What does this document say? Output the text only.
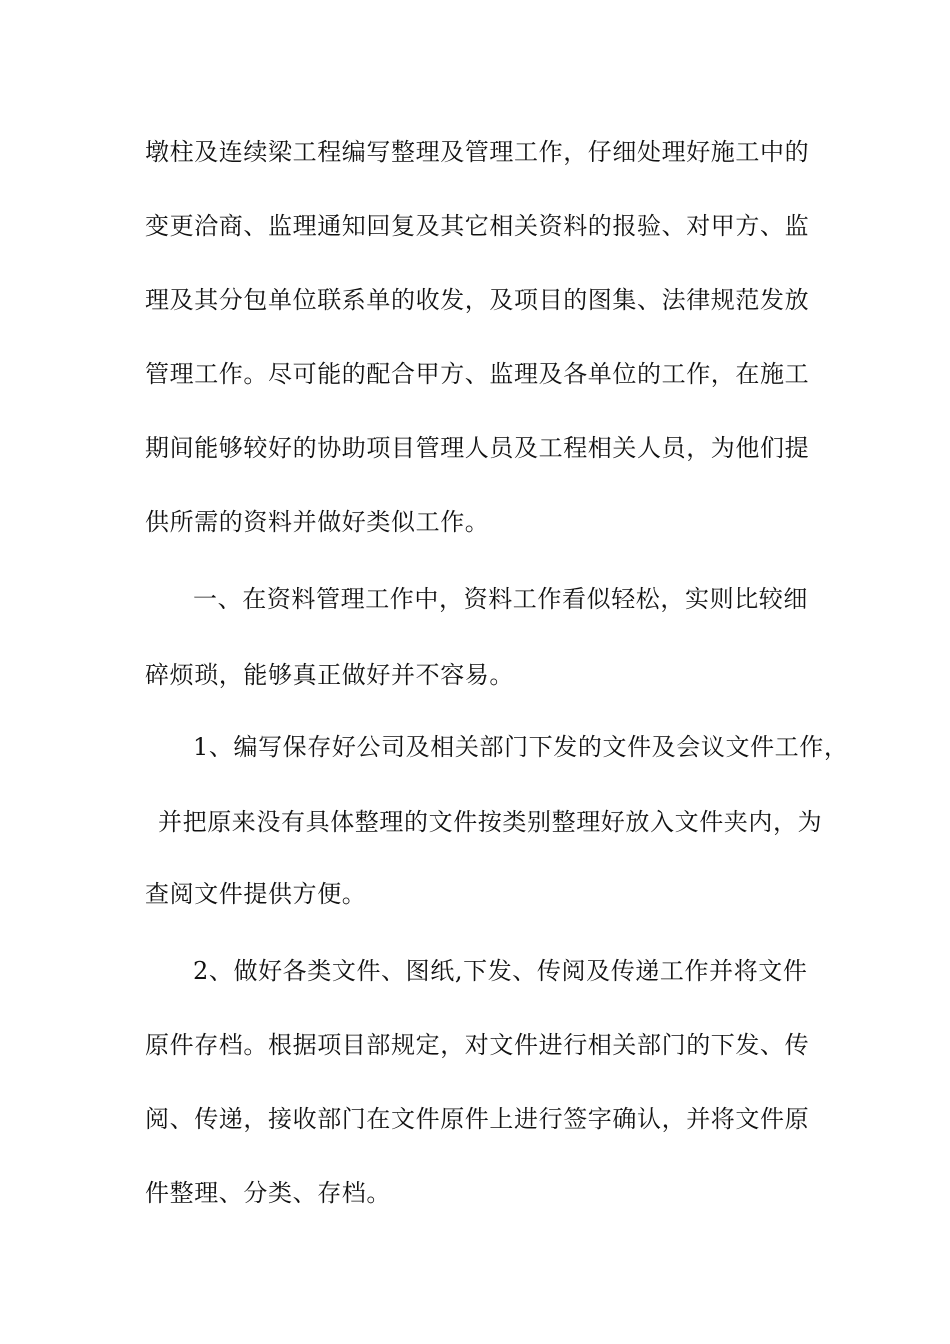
墩柱及连续梁工程编写整理及管理工作，仔细处理好施工中的
变更洽商、监理通知回复及其它相关资料的报验、对甲方、监
理及其分包单位联系单的收发，及项目的图集、法律规范发放
管理工作。尽可能的配合甲方、监理及各单位的工作，在施工
期间能够较好的协助项目管理人员及工程相关人员，为他们提
供所需的资料并做好类似工作。
一、在资料管理工作中，资料工作看似轻松，实则比较细
碎烦琐，能够真正做好并不容易。
1、编写保存好公司及相关部门下发的文件及会议文件工作，
并把原来没有具体整理的文件按类别整理好放入文件夹内，为
查阅文件提供方便。
2、做好各类文件、图纸,下发、传阅及传递工作并将文件
原件存档。根据项目部规定，对文件进行相关部门的下发、传
阅、传递，接收部门在文件原件上进行签字确认，并将文件原
件整理、分类、存档。
